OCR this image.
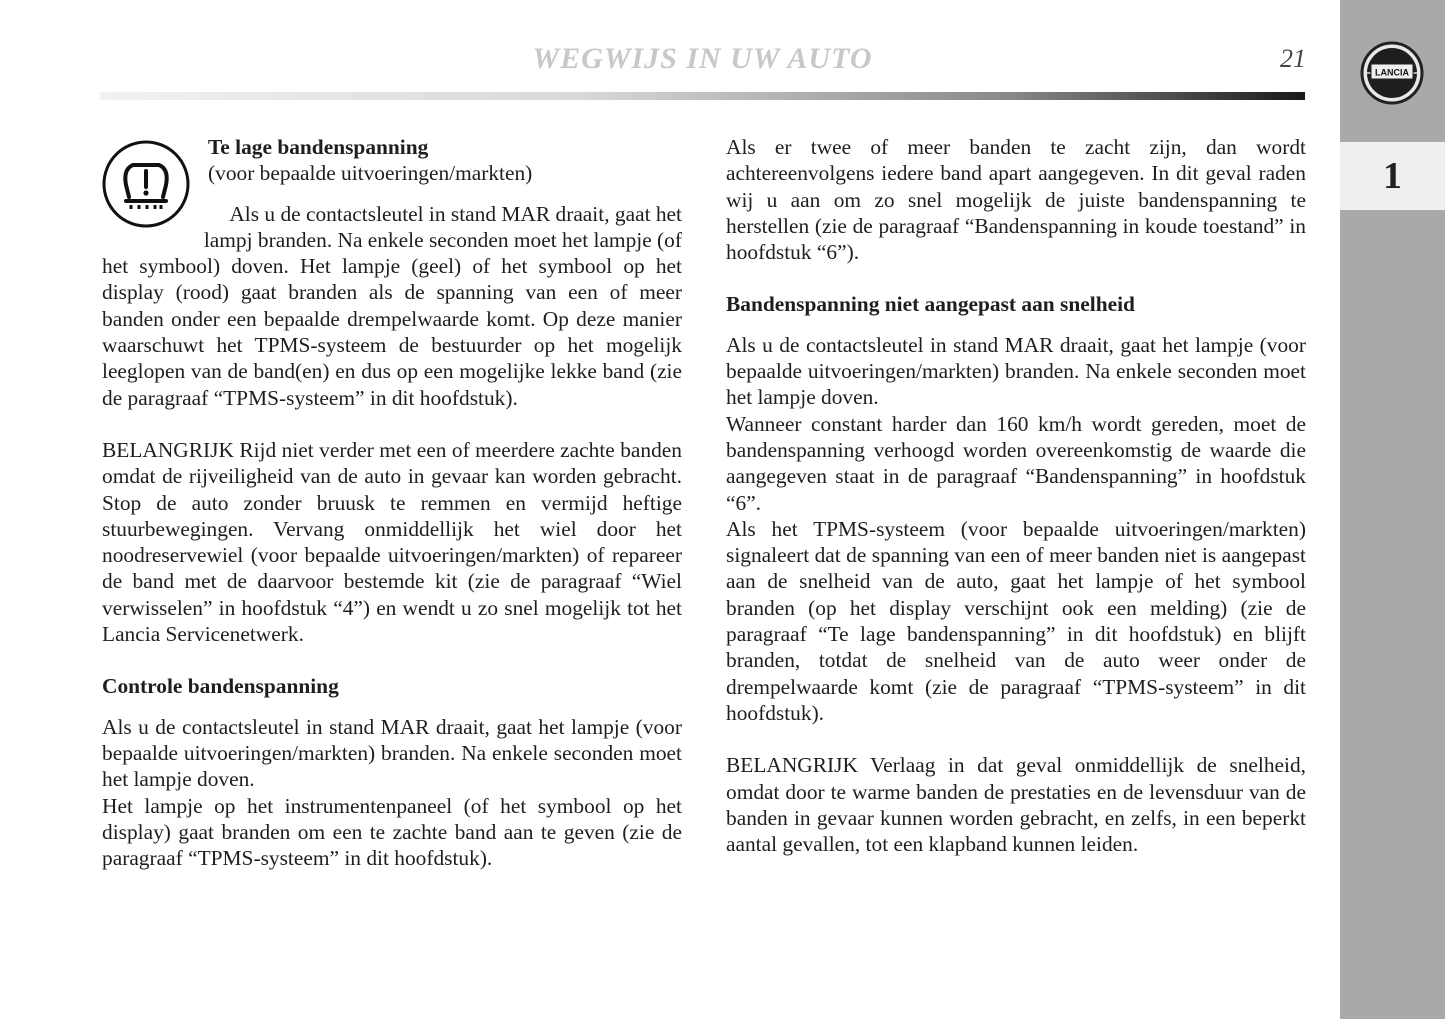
WEGWIJS IN UW AUTO	21	LANCIA
1

Te lage bandenspanning

(voor bepaalde uitvoeringen/markten)

Als u de contactsleutel in stand MAR draait, gaat het

lampj branden. Na enkele seconden moet het lampje (of

het symbool) doven. Het lampje (geel) of het symbool op het display (rood) gaat branden als de spanning van een of meer banden onder een bepaalde drempelwaarde komt. Op deze manier waarschuwt het TPMS-systeem de bestuurder op het mogelijk leeglopen van de band(en) en dus op een mogelijke lekke band (zie de paragraaf “TPMS-systeem” in dit hoofdstuk).

BELANGRIJK Rijd niet verder met een of meerdere zachte banden omdat de rijveiligheid van de auto in gevaar kan worden gebracht. Stop de auto zonder bruusk te remmen en vermijd heftige stuurbewegingen. Vervang onmiddellijk het wiel door het noodreservewiel (voor bepaalde uitvoeringen/markten) of repareer de band met de daarvoor bestemde kit (zie de paragraaf “Wiel verwisselen” in hoofdstuk “4”) en wendt u zo snel mogelijk tot het Lancia Servicenetwerk.

Controle bandenspanning

Als u de contactsleutel in stand MAR draait, gaat het lampje (voor bepaalde uitvoeringen/markten) branden. Na enkele seconden moet het lampje doven.

Het lampje op het instrumentenpaneel (of het symbool op het display) gaat branden om een te zachte band aan te geven (zie de paragraaf “TPMS-systeem” in dit hoofdstuk).

Als er twee of meer banden te zacht zijn, dan wordt achtereenvolgens iedere band apart aangegeven. In dit geval raden wij u aan om zo snel mogelijk de juiste bandenspanning te herstellen (zie de paragraaf “Bandenspanning in koude toestand” in hoofdstuk “6”).

Bandenspanning niet aangepast aan snelheid

Als u de contactsleutel in stand MAR draait, gaat het lampje (voor bepaalde uitvoeringen/markten) branden. Na enkele seconden moet het lampje doven.

Wanneer constant harder dan 160 km/h wordt gereden, moet de bandenspanning verhoogd worden overeenkomstig de waarde die aangegeven staat in de paragraaf “Bandenspanning” in hoofdstuk “6”.

Als het TPMS-systeem (voor bepaalde uitvoeringen/markten) signaleert dat de spanning van een of meer banden niet is aangepast aan de snelheid van de auto, gaat het lampje of het symbool branden (op het display verschijnt ook een melding) (zie de paragraaf “Te lage bandenspanning” in dit hoofdstuk) en blijft branden, totdat de snelheid van de auto weer onder de drempelwaarde komt (zie de paragraaf “TPMS-systeem” in dit hoofdstuk).

BELANGRIJK Verlaag in dat geval onmiddellijk de snelheid, omdat door te warme banden de prestaties en de levensduur van de banden in gevaar kunnen worden gebracht, en zelfs, in een beperkt aantal gevallen, tot een klapband kunnen leiden.
